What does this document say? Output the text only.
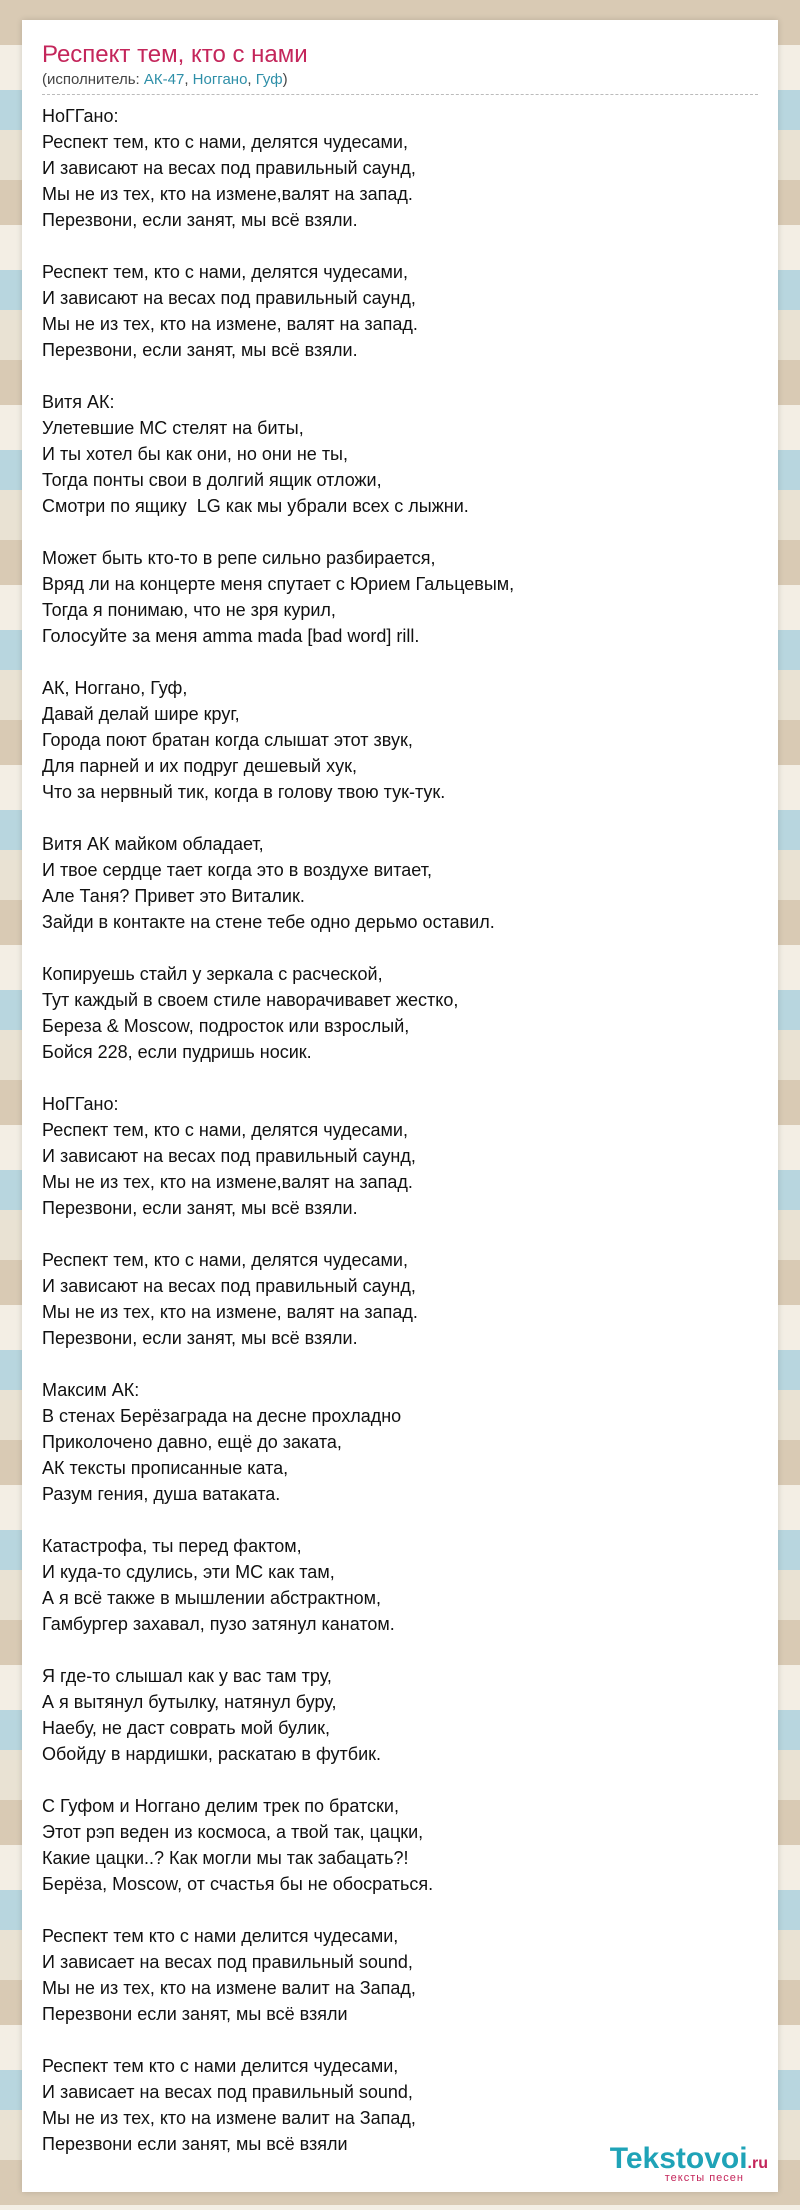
Респект тем, кто с нами
(исполнитель: АК-47, Ноггано, Гуф)
НоГГано:
Респект тем, кто с нами, делятся чудесами,
И зависают на весах под правильный саунд,
Мы не из тех, кто на измене,валят на запад.
Перезвони, если занят, мы всё взяли.
Респект тем, кто с нами, делятся чудесами,
И зависают на весах под правильный саунд,
Мы не из тех, кто на измене, валят на запад.
Перезвони, если занят, мы всё взяли.
Витя АК:
Улетевшие МС стелят на биты,
И ты хотел бы как они, но они не ты,
Тогда понты свои в долгий ящик отложи,
Смотри по ящику  LG как мы убрали всех с лыжни.
Может быть кто-то в репе сильно разбирается,
Вряд ли на концерте меня спутает с Юрием Гальцевым,
Тогда я понимаю, что не зря курил,
Голосуйте за меня amma mada [bad word] rill.
АК, Ноггано, Гуф,
Давай делай шире круг,
Города поют братан когда слышат этот звук,
Для парней и их подруг дешевый хук,
Что за нервный тик, когда в голову твою тук-тук.
Витя АК майком обладает,
И твое сердце тает когда это в воздухе витает,
Але Таня? Привет это Виталик.
Зайди в контакте на стене тебе одно дерьмо оставил.
Копируешь стайл у зеркала с расческой,
Тут каждый в своем стиле наворачивавет жестко,
Береза & Moscow, подросток или взрослый,
Бойся 228, если пудришь носик.
НоГГано:
Респект тем, кто с нами, делятся чудесами,
И зависают на весах под правильный саунд,
Мы не из тех, кто на измене,валят на запад.
Перезвони, если занят, мы всё взяли.
Респект тем, кто с нами, делятся чудесами,
И зависают на весах под правильный саунд,
Мы не из тех, кто на измене, валят на запад.
Перезвони, если занят, мы всё взяли.
Максим АК:
В стенах Берёзаграда на десне прохладно
Приколочено давно, ещё до заката,
АК тексты прописанные ката,
Разум гения, душа ватаката.
Катастрофа, ты перед фактом,
И куда-то сдулись, эти МС как там,
А я всё также в мышлении абстрактном,
Гамбургер захавал, пузо затянул канатом.
Я где-то слышал как у вас там тру,
А я вытянул бутылку, натянул буру,
Наебу, не даст соврать мой булик,
Обойду в нардишки, раскатаю в футбик.
С Гуфом и Ноггано делим трек по братски,
Этот рэп веден из космоса, а твой так, цацки,
Какие цацки..? Как могли мы так забацать?!
Берёза, Moscow, от счастья бы не обосраться.
Респект тем кто с нами делится чудесами,
И зависает на весах под правильный sound,
Мы не из тех, кто на измене валит на Запад,
Перезвони если занят, мы всё взяли
Респект тем кто с нами делится чудесами,
И зависает на весах под правильный sound,
Мы не из тех, кто на измене валит на Запад,
Перезвони если занят, мы всё взяли	Tekstovoi.ru
тексты песен
